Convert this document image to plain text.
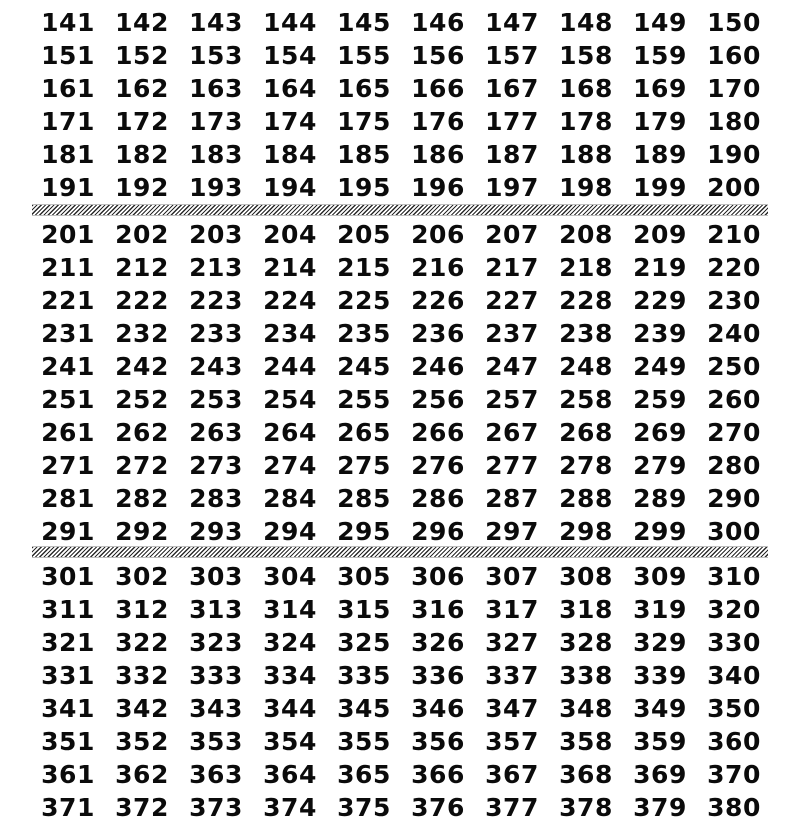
141 142 143 144 145 146 147 148 149 150
151 152 153 154 155 156 157 158 159 160
161 162 163 164 165 166 167 168 169 170
171 172 173 174 175 176 177 178 179 180
181 182 183 184 185 186 187 188 189 190
191 192 193 194 195 196 197 198 199 200
201 202 203 204 205 206 207 208 209 210
211 212 213 214 215 216 217 218 219 220
221 222 223 224 225 226 227 228 229 230
231 232 233 234 235 236 237 238 239 240
241 242 243 244 245 246 247 248 249 250
251 252 253 254 255 256 257 258 259 260
261 262 263 264 265 266 267 268 269 270
271 272 273 274 275 276 277 278 279 280
281 282 283 284 285 286 287 288 289 290
291 292 293 294 295 296 297 298 299 300
301 302 303 304 305 306 307 308 309 310
311 312 313 314 315 316 317 318 319 320
321 322 323 324 325 326 327 328 329 330
331 332 333 334 335 336 337 338 339 340
341 342 343 344 345 346 347 348 349 350
351 352 353 354 355 356 357 358 359 360
361 362 363 364 365 366 367 368 369 370
371 372 373 374 375 376 377 378 379 380
